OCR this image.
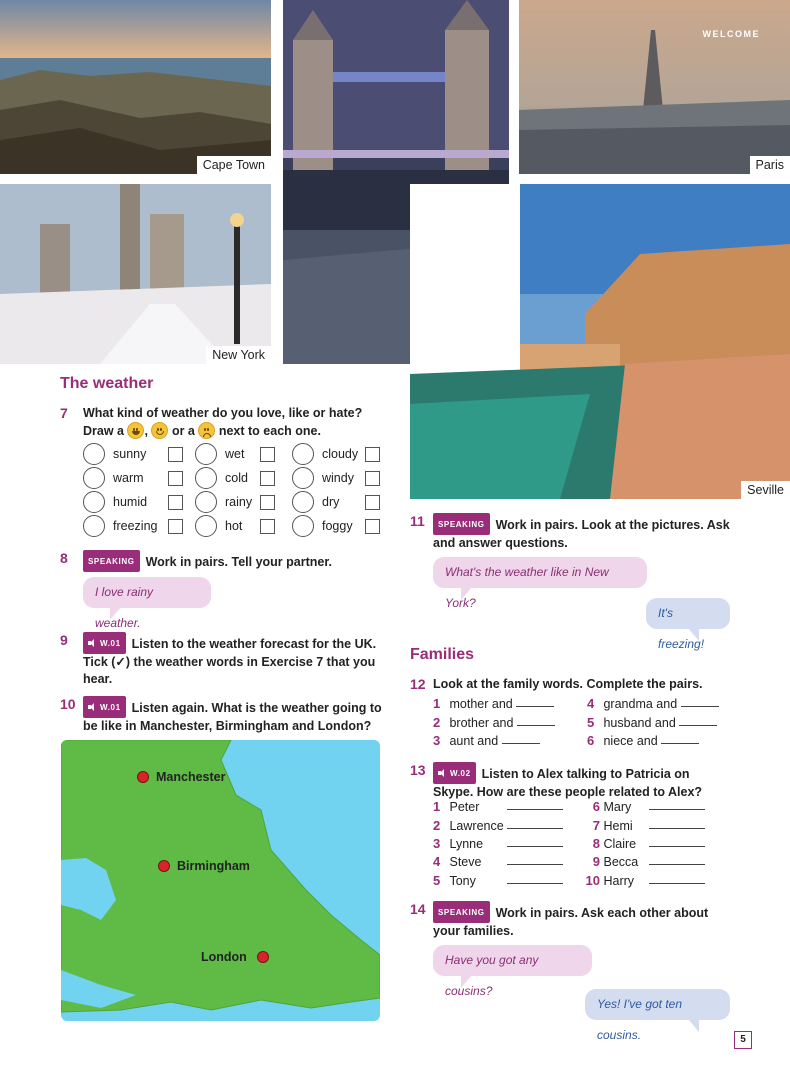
Cape Town
WELCOME
Paris
New York
Seville
The weather
7 What kind of weather do you love, like or hate?
Draw a , or a next to each one.
sunny	wet	cloudy
warm	cold	windy
humid	rainy	dry
freezing	hot	foggy
8	SPEAKING Work in pairs. Tell your partner.
I love rainy weather.
9	W.01 Listen to the weather forecast for the UK. Tick (✓) the weather words in Exercise 7 that you hear.
10	W.01 Listen again. What is the weather going to be like in Manchester, Birmingham and London?
Manchester
Birmingham
London
11	SPEAKING Work in pairs. Look at the pictures. Ask and answer questions.
What's the weather like in New York?
It's freezing!
Families
12 Look at the family words. Complete the pairs.
1 mother and
2 brother and
3 aunt and
4 grandma and
5 husband and
6 niece and
13	W.02 Listen to Alex talking to Patricia on Skype. How are these people related to Alex?
1 Peter
2 Lawrence
3 Lynne
4 Steve
5 Tony
6 Mary
7 Hemi
8 Claire
9 Becca
10 Harry
14	SPEAKING Work in pairs. Ask each other about your families.
Have you got any cousins?
Yes! I've got ten cousins.	5
